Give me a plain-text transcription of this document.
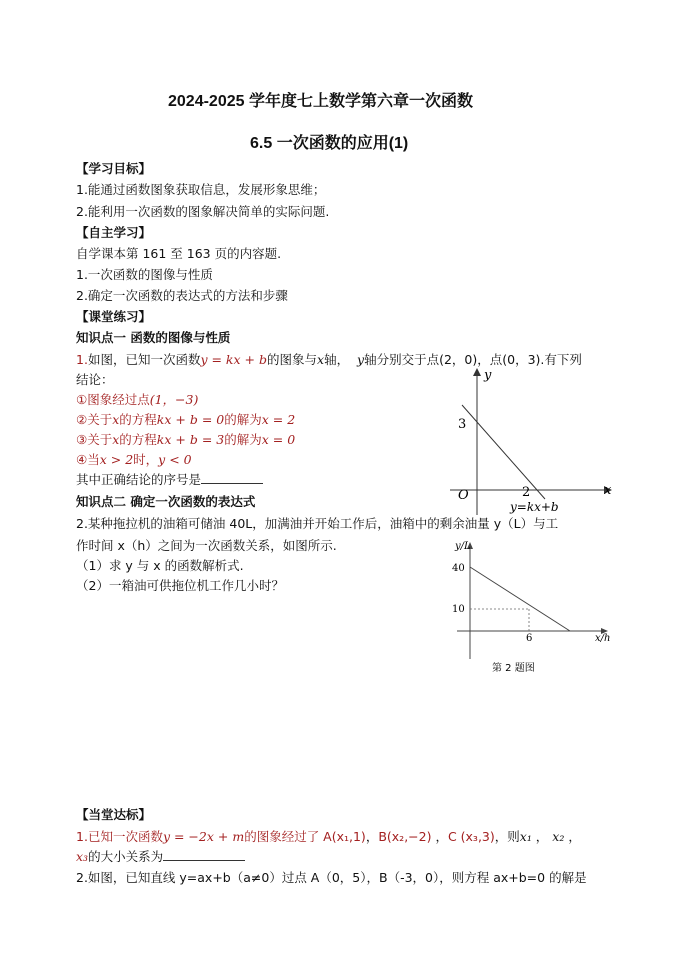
2024-2025 学年度七上数学第六章一次函数
6.5 一次函数的应用(1)
【学习目标】
1.能通过函数图象获取信息，发展形象思维；
2.能利用一次函数的图象解决简单的实际问题.
【自主学习】
自学课本第 161 至 163 页的内容题.
1.一次函数的图像与性质
2.确定一次函数的表达式的方法和步骤
【课堂练习】
知识点一 函数的图像与性质
1.如图，已知一次函数y = kx + b的图象与x轴， y轴分别交于点(2，0)，点(0，3).有下列
结论：
①图象经过点(1，−3)
②关于x的方程kx + b = 0的解为x = 2
③关于x的方程kx + b = 3的解为x = 0
④当x > 2时，y < 0
其中正确结论的序号是
y
x
O
3
2
y=kx+b
知识点二 确定一次函数的表达式
2.某种拖拉机的油箱可储油 40L，加满油并开始工作后，油箱中的剩余油量 y（L）与工
作时间 x（h）之间为一次函数关系，如图所示.
（1）求 y 与 x 的函数解析式.
（2）一箱油可供拖位机工作几小时？
y/L
40
10
6	x/h
第 2 题图
【当堂达标】
1.已知一次函数y = −2x + m的图象经过了 A(x₁,1)，B(x₂,−2) ，C (x₃,3)，则x₁ ， x₂ ，
x₃的大小关系为
2.如图，已知直线 y=ax+b（a≠0）过点 A（0，5），B（-3，0），则方程 ax+b=0 的解是
